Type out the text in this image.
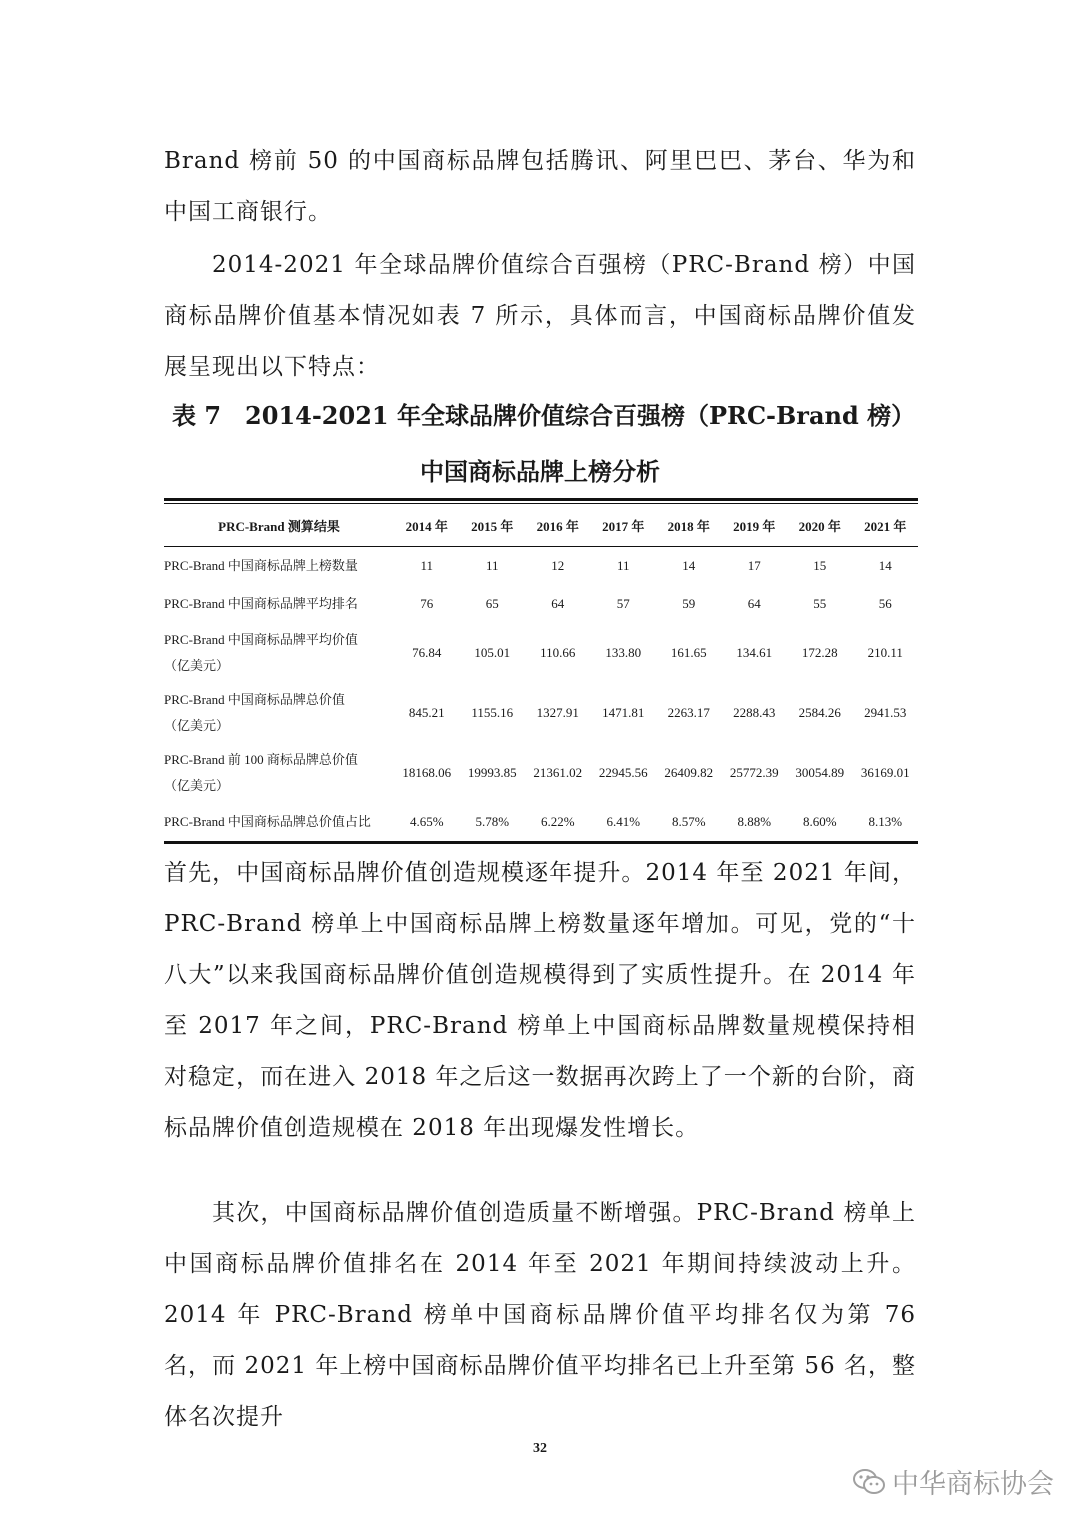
Brand 榜前 50 的中国商标品牌包括腾讯、阿里巴巴、茅台、华为和中国工商银行。

2014-2021 年全球品牌价值综合百强榜（PRC-Brand 榜）中国商标品牌价值基本情况如表 7 所示，具体而言，中国商标品牌价值发展呈现出以下特点：

表 7　2014-2021 年全球品牌价值综合百强榜（PRC-Brand 榜）

中国商标品牌上榜分析

PRC-Brand 测算结果	2014 年	2015 年	2016 年	2017 年	2018 年	2019 年	2020 年	2021 年
PRC-Brand 中国商标品牌上榜数量	11	11	12	11	14	17	15	14
PRC-Brand 中国商标品牌平均排名	76	65	64	57	59	64	55	56
PRC-Brand 中国商标品牌平均价值
（亿美元）	76.84	105.01	110.66	133.80	161.65	134.61	172.28	210.11
PRC-Brand 中国商标品牌总价值
（亿美元）	845.21	1155.16	1327.91	1471.81	2263.17	2288.43	2584.26	2941.53
PRC-Brand 前 100 商标品牌总价值
（亿美元）	18168.06	19993.85	21361.02	22945.56	26409.82	25772.39	30054.89	36169.01
PRC-Brand 中国商标品牌总价值占比	4.65%	5.78%	6.22%	6.41%	8.57%	8.88%	8.60%	8.13%

首先，中国商标品牌价值创造规模逐年提升。2014 年至 2021 年间，PRC-Brand 榜单上中国商标品牌上榜数量逐年增加。可见，党的“十八大”以来我国商标品牌价值创造规模得到了实质性提升。在 2014 年至 2017 年之间，PRC-Brand 榜单上中国商标品牌数量规模保持相对稳定，而在进入 2018 年之后这一数据再次跨上了一个新的台阶，商标品牌价值创造规模在 2018 年出现爆发性增长。

其次，中国商标品牌价值创造质量不断增强。PRC-Brand 榜单上中国商标品牌价值排名在 2014 年至 2021 年期间持续波动上升。2014 年 PRC-Brand 榜单中国商标品牌价值平均排名仅为第 76 名，而 2021 年上榜中国商标品牌价值平均排名已上升至第 56 名，整体名次提升

32
中华商标协会
